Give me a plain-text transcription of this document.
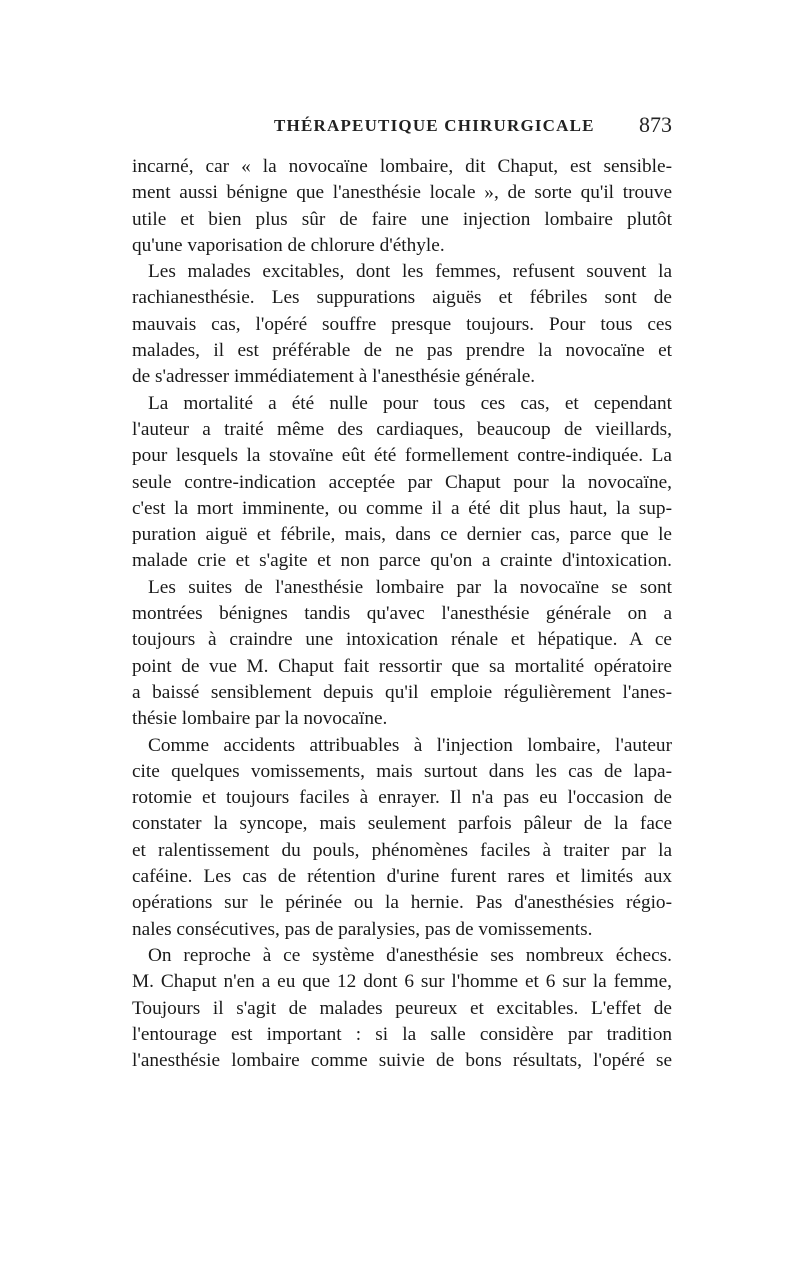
THÉRAPEUTIQUE CHIRURGICALE 873
incarné, car « la novocaïne lombaire, dit Chaput, est sensible-
ment aussi bénigne que l'anesthésie locale », de sorte qu'il trouve
utile et bien plus sûr de faire une injection lombaire plutôt
qu'une vaporisation de chlorure d'éthyle.
Les malades excitables, dont les femmes, refusent souvent la
rachianesthésie. Les suppurations aiguës et fébriles sont de
mauvais cas, l'opéré souffre presque toujours. Pour tous ces
malades, il est préférable de ne pas prendre la novocaïne et
de s'adresser immédiatement à l'anesthésie générale.
La mortalité a été nulle pour tous ces cas, et cependant
l'auteur a traité même des cardiaques, beaucoup de vieillards,
pour lesquels la stovaïne eût été formellement contre-indiquée. La
seule contre-indication acceptée par Chaput pour la novocaïne,
c'est la mort imminente, ou comme il a été dit plus haut, la sup-
puration aiguë et fébrile, mais, dans ce dernier cas, parce que le
malade crie et s'agite et non parce qu'on a crainte d'intoxication.
Les suites de l'anesthésie lombaire par la novocaïne se sont
montrées bénignes tandis qu'avec l'anesthésie générale on a
toujours à craindre une intoxication rénale et hépatique. A ce
point de vue M. Chaput fait ressortir que sa mortalité opératoire
a baissé sensiblement depuis qu'il emploie régulièrement l'anes-
thésie lombaire par la novocaïne.
Comme accidents attribuables à l'injection lombaire, l'auteur
cite quelques vomissements, mais surtout dans les cas de lapa-
rotomie et toujours faciles à enrayer. Il n'a pas eu l'occasion de
constater la syncope, mais seulement parfois pâleur de la face
et ralentissement du pouls, phénomènes faciles à traiter par la
caféine. Les cas de rétention d'urine furent rares et limités aux
opérations sur le périnée ou la hernie. Pas d'anesthésies régio-
nales consécutives, pas de paralysies, pas de vomissements.
On reproche à ce système d'anesthésie ses nombreux échecs.
M. Chaput n'en a eu que 12 dont 6 sur l'homme et 6 sur la femme,
Toujours il s'agit de malades peureux et excitables. L'effet de
l'entourage est important : si la salle considère par tradition
l'anesthésie lombaire comme suivie de bons résultats, l'opéré se
